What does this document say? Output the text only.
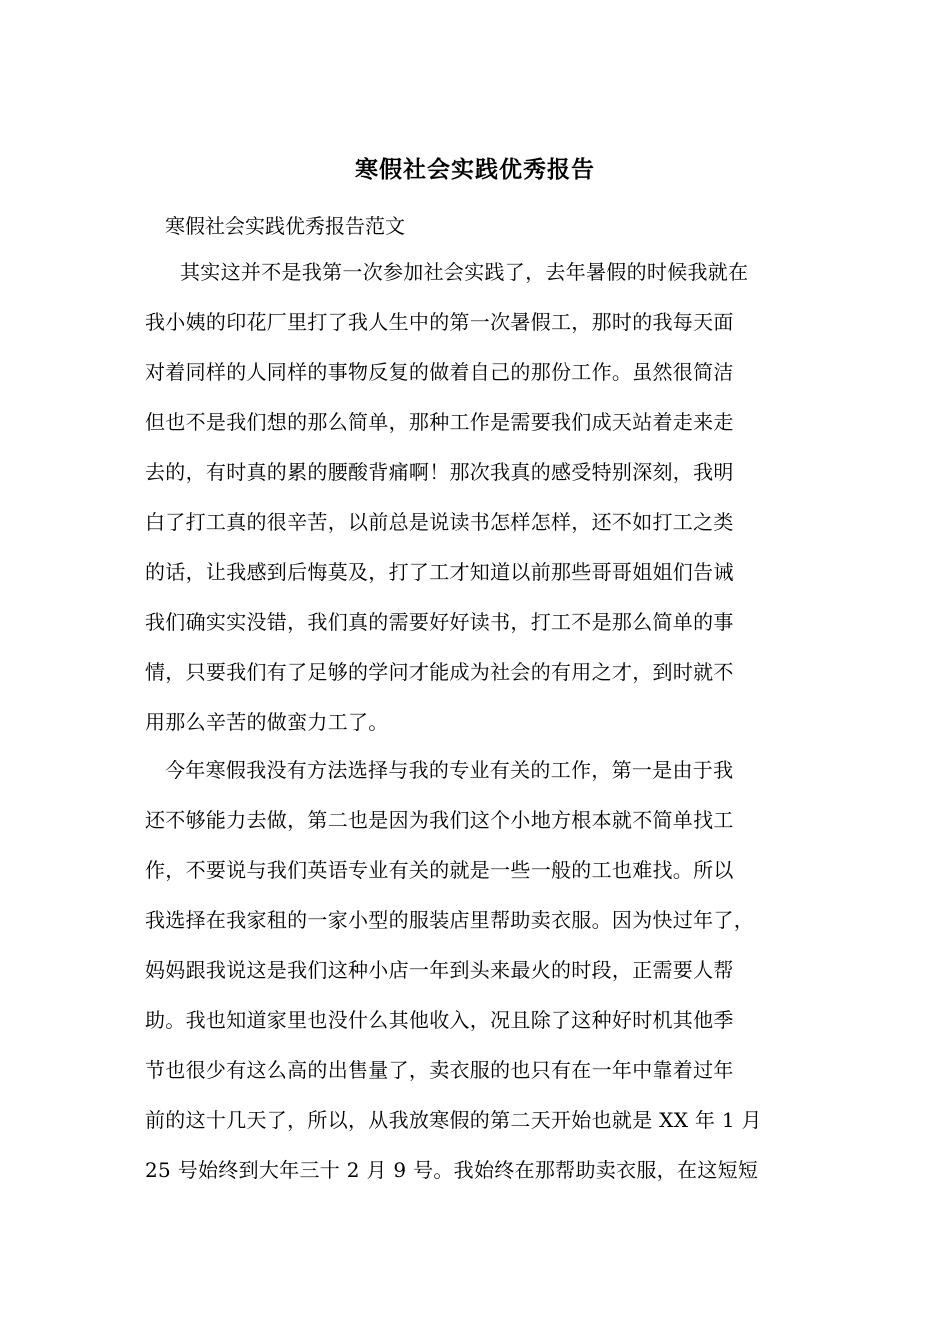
寒假社会实践优秀报告
寒假社会实践优秀报告范文
其实这并不是我第一次参加社会实践了，去年暑假的时候我就在
我小姨的印花厂里打了我人生中的第一次暑假工，那时的我每天面
对着同样的人同样的事物反复的做着自己的那份工作。虽然很简洁
但也不是我们想的那么简单，那种工作是需要我们成天站着走来走
去的，有时真的累的腰酸背痛啊！那次我真的感受特别深刻，我明
白了打工真的很辛苦，以前总是说读书怎样怎样，还不如打工之类
的话，让我感到后悔莫及，打了工才知道以前那些哥哥姐姐们告诫
我们确实实没错，我们真的需要好好读书，打工不是那么简单的事
情，只要我们有了足够的学问才能成为社会的有用之才，到时就不
用那么辛苦的做蛮力工了。
今年寒假我没有方法选择与我的专业有关的工作，第一是由于我
还不够能力去做，第二也是因为我们这个小地方根本就不简单找工
作，不要说与我们英语专业有关的就是一些一般的工也难找。所以
我选择在我家租的一家小型的服装店里帮助卖衣服。因为快过年了，
妈妈跟我说这是我们这种小店一年到头来最火的时段，正需要人帮
助。我也知道家里也没什么其他收入，况且除了这种好时机其他季
节也很少有这么高的出售量了，卖衣服的也只有在一年中靠着过年
前的这十几天了，所以，从我放寒假的第二天开始也就是 XX 年 1 月
25 号始终到大年三十 2 月 9 号。我始终在那帮助卖衣服，在这短短
